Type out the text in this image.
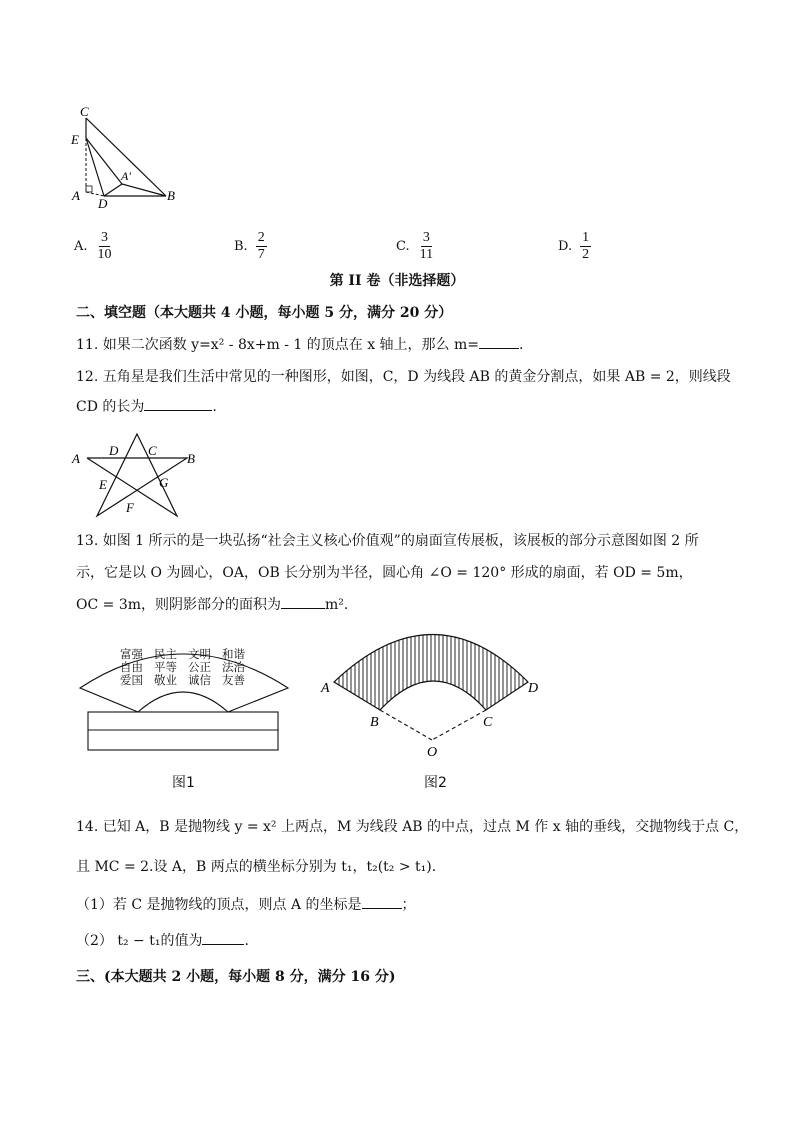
C
E
A
D
A′
B
A. $\frac{3}{10}$	B. $\frac{2}{7}$	C. $\frac{3}{11}$	D. $\frac{1}{2}$
第 II 卷（非选择题）
二、填空题（本大题共 4 小题，每小题 5 分，满分 20 分）
11. 如果二次函数 y=x² - 8x+m - 1 的顶点在 x 轴上，那么 m=	.
12. 五角星是我们生活中常见的一种图形，如图，C，D 为线段 AB 的黄金分割点，如果 AB = 2，则线段
CD 的长为	.
A
D C
B
E	G
F
13. 如图 1 所示的是一块弘扬“社会主义核心价值观”的扇面宣传展板，该展板的部分示意图如图 2 所
示，它是以 O 为圆心，OA，OB 长分别为半径，圆心角 ∠O = 120° 形成的扇面，若 OD = 5m，
OC = 3m，则阴影部分的面积为	m².
富强 民主 文明 和谐
自由 平等 公正 法治
爱国 敬业 诚信 友善	A
B
O
C
D
图1	图2
14. 已知 A，B 是抛物线 y = x² 上两点，M 为线段 AB 的中点，过点 M 作 x 轴的垂线，交抛物线于点 C，
且 MC = 2.设 A，B 两点的横坐标分别为 t₁，t₂(t₂ > t₁).
（1）若 C 是抛物线的顶点，则点 A 的坐标是	；
（2） t₂ − t₁的值为	.
三、(本大题共 2 小题，每小题 8 分，满分 16 分)
